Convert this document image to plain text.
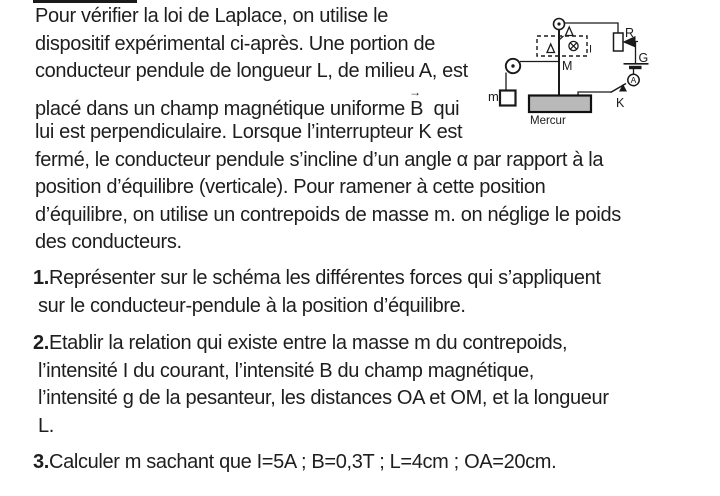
Pour vérifier la loi de Laplace, on utilise le
dispositif expérimental ci-après. Une portion de
conducteur pendule de longueur L, de milieu A, est
placé dans un champ magnétique uniforme
→
B  qui
lui est perpendiculaire. Lorsque l’interrupteur K est
fermé, le conducteur pendule s’incline d’un angle α par rapport à la
position d’équilibre (verticale). Pour ramener à cette position
d’équilibre, on utilise un contrepoids de masse m. on néglige le poids
des conducteurs.
1.Représenter sur le schéma les différentes forces qui s’appliquent
sur le conducteur-pendule à la position d’équilibre.
2.Etablir la relation qui existe entre la masse m du contrepoids,
l’intensité I du courant, l’intensité B du champ magnétique,
l’intensité g de la pesanteur, les distances OA et OM, et la longueur
L.
3.Calculer m sachant que I=5A ; B=0,3T ; L=4cm ; OA=20cm.
I
M
m
Mercur
K
A
G
R
